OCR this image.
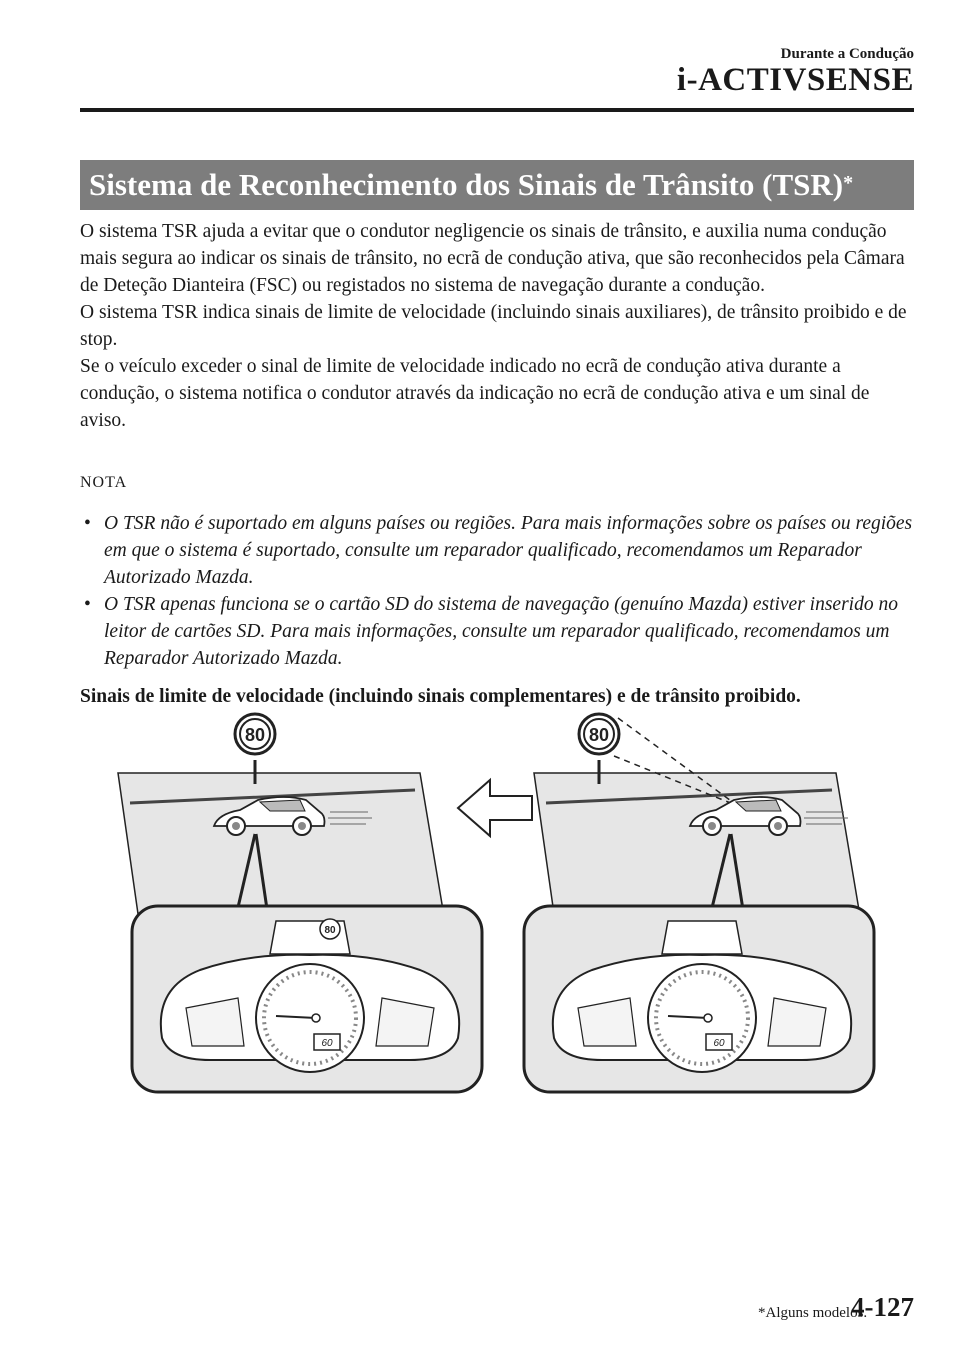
Durante a Condução
i-ACTIVSENSE
Sistema de Reconhecimento dos Sinais de Trânsito (TSR)*

O sistema TSR ajuda a evitar que o condutor negligencie os sinais de trânsito, e auxilia numa condução mais segura ao indicar os sinais de trânsito, no ecrã de condução ativa, que são reconhecidos pela Câmara de Deteção Dianteira (FSC) ou registados no sistema de navegação durante a condução.

O sistema TSR indica sinais de limite de velocidade (incluindo sinais auxiliares), de trânsito proibido e de stop.

Se o veículo exceder o sinal de limite de velocidade indicado no ecrã de condução ativa durante a condução, o sistema notifica o condutor através da indicação no ecrã de condução ativa e um sinal de aviso.

NOTA
• O TSR não é suportado em alguns países ou regiões. Para mais informações sobre os países ou regiões em que o sistema é suportado, consulte um reparador qualificado, recomendamos um Reparador Autorizado Mazda.
• O TSR apenas funciona se o cartão SD do sistema de navegação (genuíno Mazda) estiver inserido no leitor de cartões SD. Para mais informações, consulte um reparador qualificado, recomendamos um Reparador Autorizado Mazda.
Sinais de limite de velocidade (incluindo sinais complementares) e de trânsito proibido.
80	80
80
60	60
*Alguns modelos.
4-127
